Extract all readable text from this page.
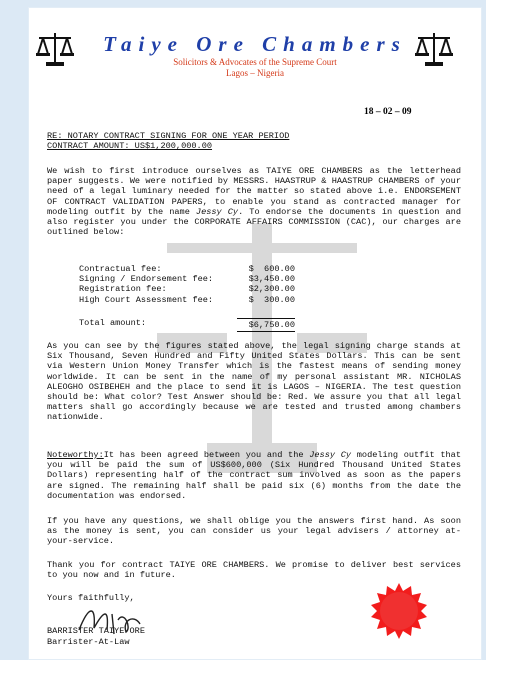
Taiye Ore Chambers
Solicitors & Advocates of the Supreme Court
Lagos – Nigeria
18 – 02 – 09
RE: NOTARY CONTRACT SIGNING FOR ONE YEAR PERIOD
CONTRACT AMOUNT: US$1,200,000.00
We wish to first introduce ourselves as TAIYE ORE CHAMBERS as the letterhead paper suggests. We were notified by MESSRS. HAASTRUP & HAASTRUP CHAMBERS of your need of a legal luminary needed for the matter so stated above i.e. ENDORSEMENT OF CONTRACT VALIDATION PAPERS, to enable you stand as contracted manager for modeling outfit by the name Jessy Cy. To endorse the documents in question and also register you under the CORPORATE AFFAIRS COMMISSION (CAC), our charges are outlined below:
Contractual fee:	$  600.00
Signing / Endorsement fee:	$3,450.00
Registration fee:	$2,300.00
High Court Assessment fee:	$  300.00
Total amount:	$6,750.00
As you can see by the figures stated above, the legal signing charge stands at Six Thousand, Seven Hundred and Fifty United States Dollars. This can be sent via Western Union Money Transfer which is the fastest means of sending money worldwide. It can be sent in the name of my personal assistant MR. NICHOLAS ALEOGHO OSIBEHEH and the place to send it is LAGOS – NIGERIA. The test question should be: What color? Test Answer should be: Red. We assure you that all legal matters shall go accordingly because we are tested and trusted among chambers nationwide.
Noteworthy:It has been agreed between you and the Jessy Cy modeling outfit that you will be paid the sum of US$600,000 (Six Hundred Thousand United States Dollars) representing half of the contract sum involved as soon as the papers are signed. The remaining half shall be paid six (6) months from the date the documentation was endorsed.
If you have any questions, we shall oblige you the answers first hand. As soon as the money is sent, you can consider us your legal advisers / attorney at-your-service.
Thank you for contract TAIYE ORE CHAMBERS. We promise to deliver best services to you now and in future.
Yours faithfully,
BARRISTER TAIYE ORE
Barrister-At-Law
